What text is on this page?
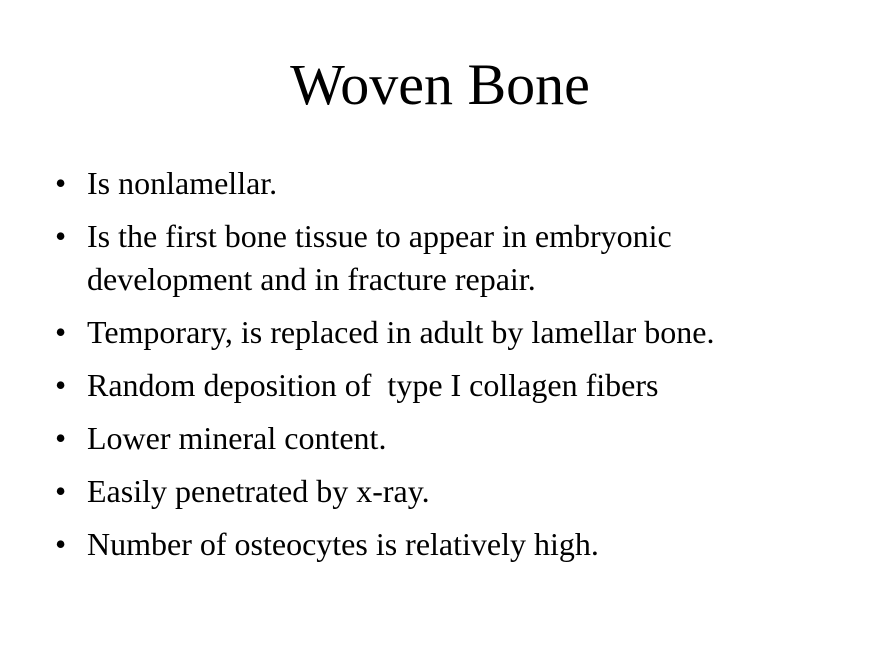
Woven Bone
• Is nonlamellar.
• Is the first bone tissue to appear in embryonic development and in fracture repair.
• Temporary, is replaced in adult by lamellar bone.
• Random deposition of  type I collagen fibers
• Lower mineral content.
• Easily penetrated by x-ray.
• Number of osteocytes is relatively high.
